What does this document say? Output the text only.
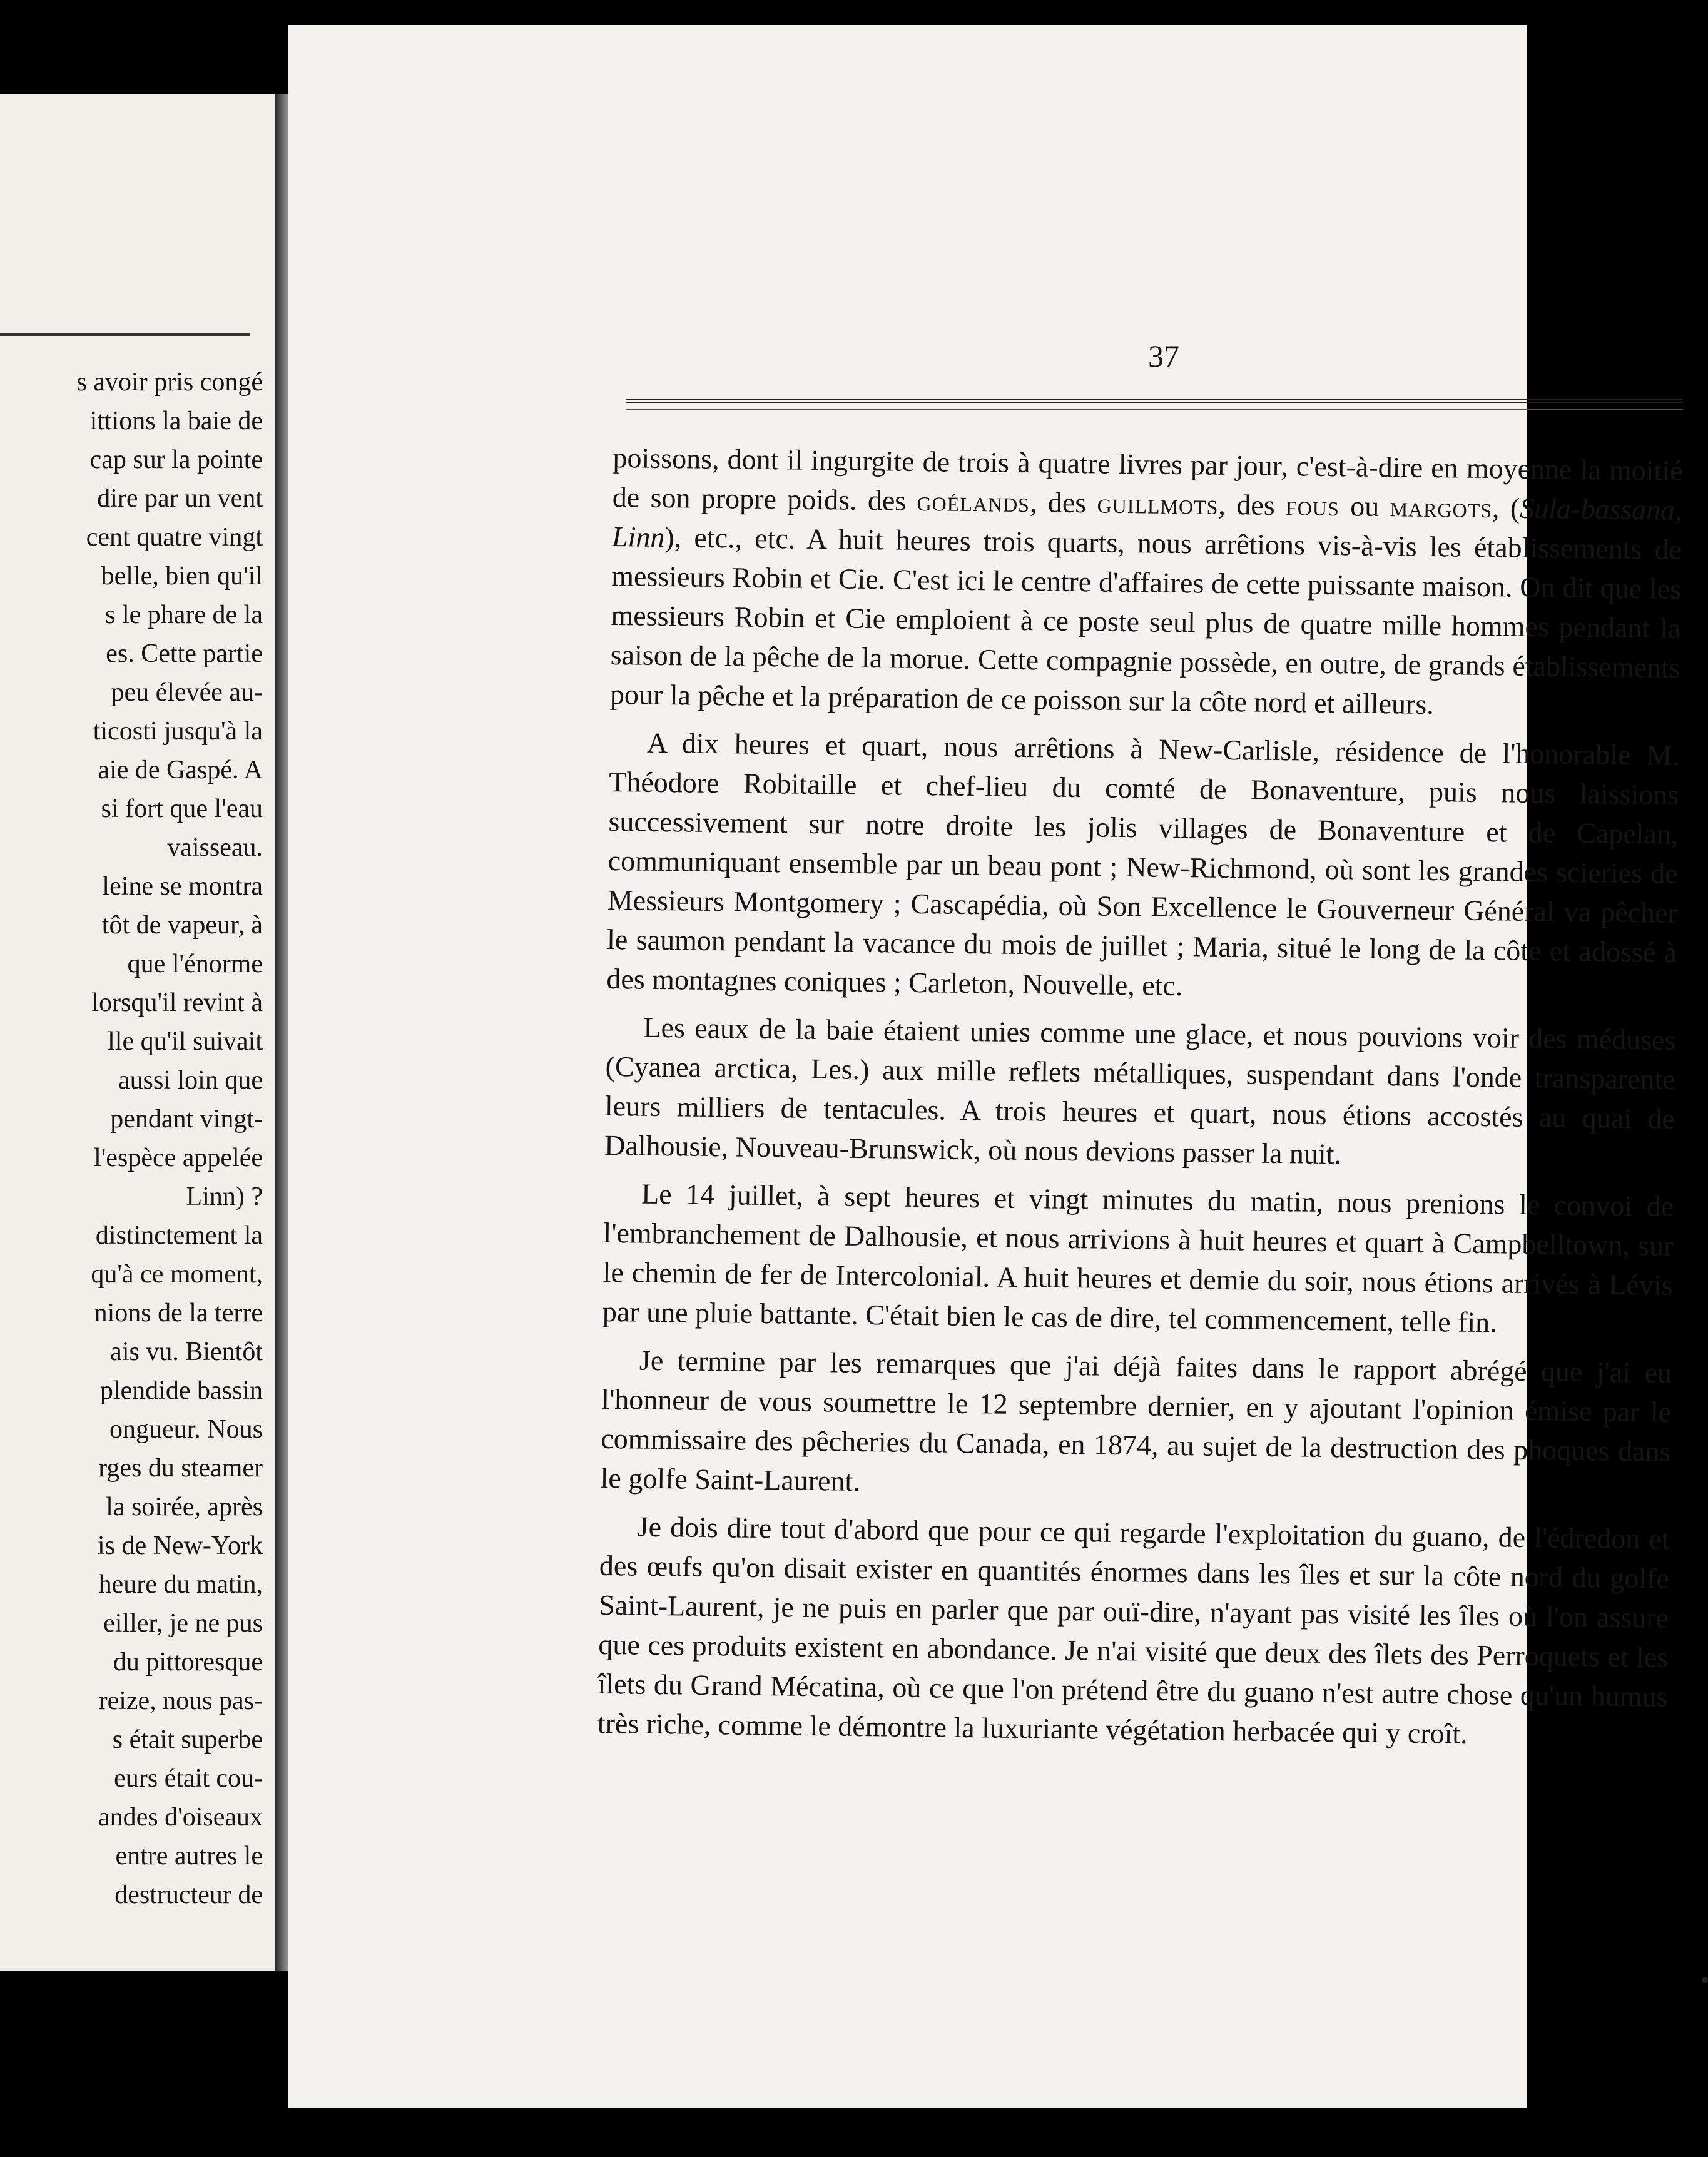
s avoir pris congé
ittions la baie de
cap sur la pointe
dire par un vent
cent quatre vingt
belle, bien qu'il
s le phare de la
es. Cette partie
peu élevée au-
ticosti jusqu'à la
aie de Gaspé. A
si fort que l'eau
vaisseau.
leine se montra
tôt de vapeur, à
que l'énorme
lorsqu'il revint à
lle qu'il suivait
aussi loin que
pendant vingt-
l'espèce appelée
Linn) ?
distinctement la
qu'à ce moment,
nions de la terre
ais vu. Bientôt
plendide bassin
ongueur. Nous
rges du steamer
la soirée, après
is de New-York
heure du matin,
eiller, je ne pus
du pittoresque
reize, nous pas-
s était superbe
eurs était cou-
andes d'oiseaux
entre autres le
destructeur de
37

poissons, dont il ingurgite de trois à quatre livres par jour, c'est-à-dire en moyenne la moitié de son propre poids. des goélands, des guillmots, des fous ou margots, (Sula-bassana, Linn), etc., etc. A huit heures trois quarts, nous arrêtions vis-à-vis les établissements de messieurs Robin et Cie. C'est ici le centre d'affaires de cette puissante maison. On dit que les messieurs Robin et Cie emploient à ce poste seul plus de quatre mille hommes pendant la saison de la pêche de la morue. Cette compagnie possède, en outre, de grands établissements pour la pêche et la préparation de ce poisson sur la côte nord et ailleurs.

A dix heures et quart, nous arrêtions à New-Carlisle, résidence de l'honorable M. Théodore Robitaille et chef-lieu du comté de Bonaventure, puis nous laissions successivement sur notre droite les jolis villages de Bonaventure et de Capelan, communiquant ensemble par un beau pont ; New-Richmond, où sont les grandes scieries de Messieurs Montgomery ; Cascapédia, où Son Excellence le Gouverneur Général va pêcher le saumon pendant la vacance du mois de juillet ; Maria, situé le long de la côte et adossé à des montagnes coniques ; Carleton, Nouvelle, etc.

Les eaux de la baie étaient unies comme une glace, et nous pouvions voir des méduses (Cyanea arctica, Les.) aux mille reflets métalliques, suspendant dans l'onde transparente leurs milliers de tentacules. A trois heures et quart, nous étions accostés au quai de Dalhousie, Nouveau-Brunswick, où nous devions passer la nuit.

Le 14 juillet, à sept heures et vingt minutes du matin, nous prenions le convoi de l'embranchement de Dalhousie, et nous arrivions à huit heures et quart à Campbelltown, sur le chemin de fer de Intercolonial. A huit heures et demie du soir, nous étions arrivés à Lévis par une pluie battante. C'était bien le cas de dire, tel commencement, telle fin.

Je termine par les remarques que j'ai déjà faites dans le rapport abrégé que j'ai eu l'honneur de vous soumettre le 12 septembre dernier, en y ajoutant l'opinion émise par le commissaire des pêcheries du Canada, en 1874, au sujet de la destruction des phoques dans le golfe Saint-Laurent.

Je dois dire tout d'abord que pour ce qui regarde l'exploitation du guano, de l'édredon et des œufs qu'on disait exister en quantités énormes dans les îles et sur la côte nord du golfe Saint-Laurent, je ne puis en parler que par ouï-dire, n'ayant pas visité les îles où l'on assure que ces produits existent en abondance. Je n'ai visité que deux des îlets des Perroquets et les îlets du Grand Mécatina, où ce que l'on prétend être du guano n'est autre chose qu'un humus très riche, comme le démontre la luxuriante végétation herbacée qui y croît.
